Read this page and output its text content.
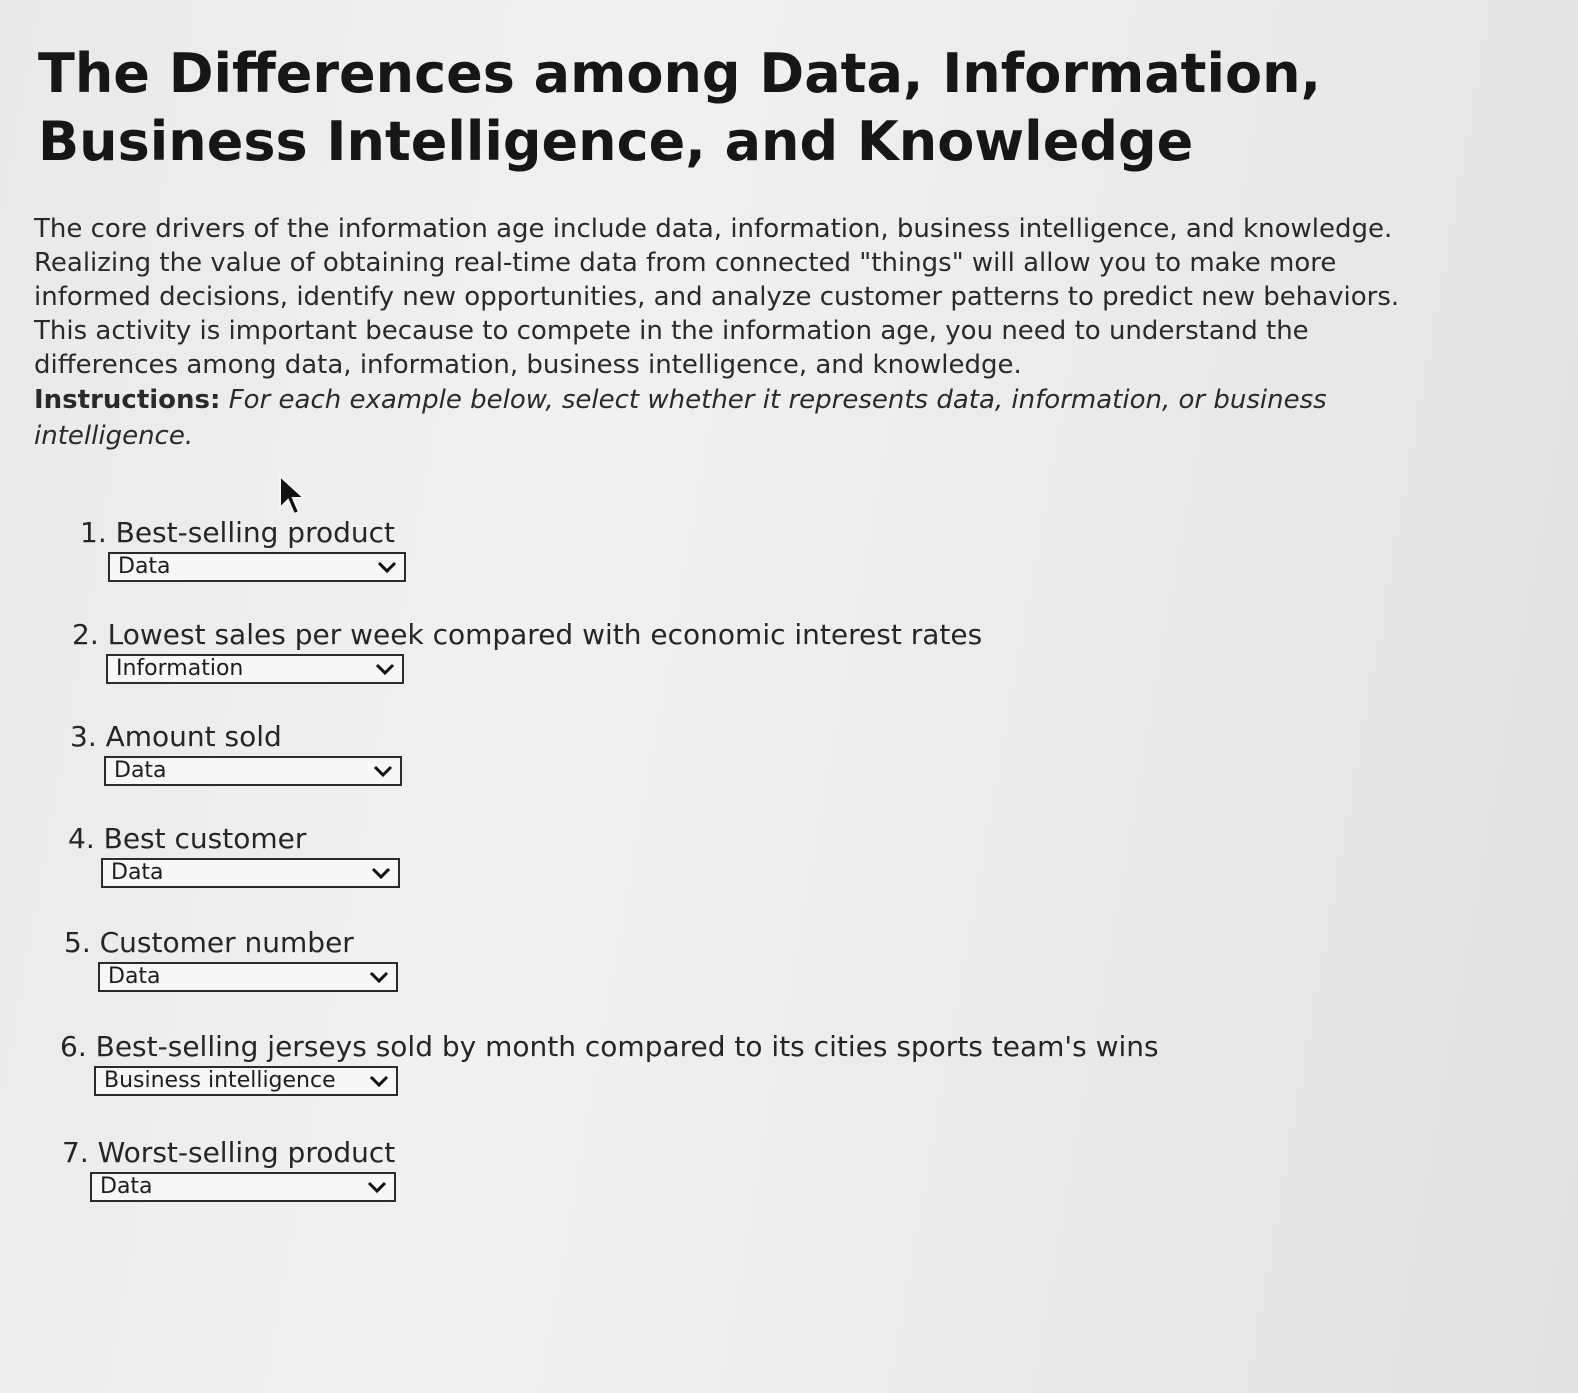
The Differences among Data, Information,
Business Intelligence, and Knowledge
The core drivers of the information age include data, information, business intelligence, and knowledge.
Realizing the value of obtaining real-time data from connected "things" will allow you to make more
informed decisions, identify new opportunities, and analyze customer patterns to predict new behaviors.
This activity is important because to compete in the information age, you need to understand the
differences among data, information, business intelligence, and knowledge.
Instructions: For each example below, select whether it represents data, information, or business
intelligence.
1. Best-selling product
Data
2. Lowest sales per week compared with economic interest rates
Information
3. Amount sold
Data
4. Best customer
Data
5. Customer number
Data
6. Best-selling jerseys sold by month compared to its cities sports team's wins
Business intelligence
7. Worst-selling product
Data
